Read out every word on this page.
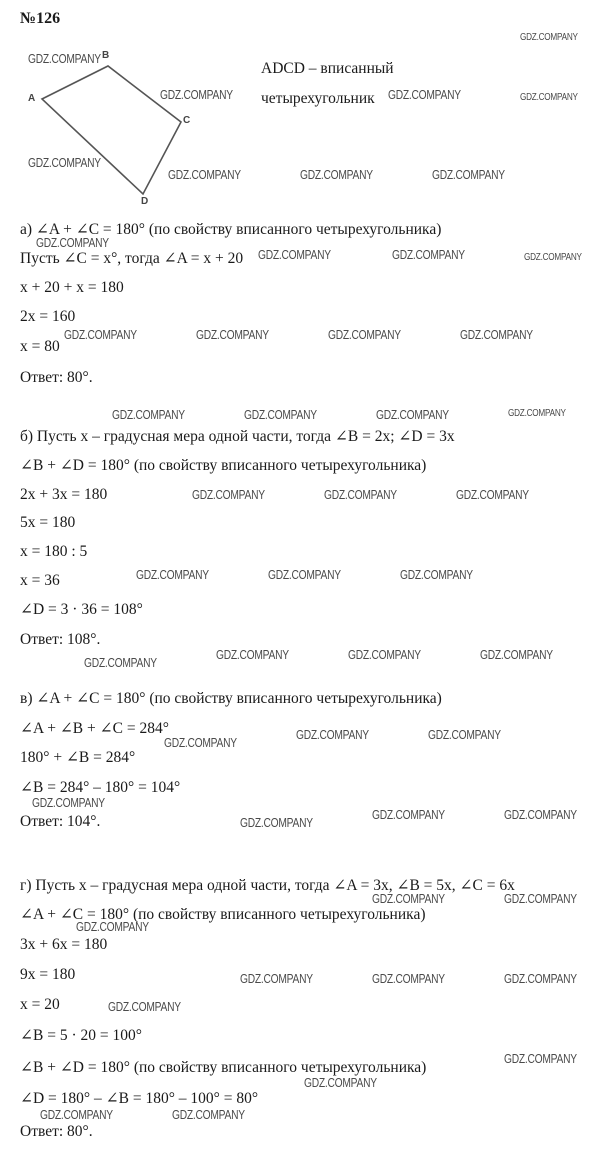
№126
A
B
C
D
ADCD – вписанный
четырехугольник
а) ∠A + ∠C = 180° (по свойству вписанного четырехугольника)
Пусть ∠C = x°, тогда ∠A = x + 20
x + 20 + x = 180
2x = 160
x = 80
Ответ: 80°.
б) Пусть x – градусная мера одной части, тогда ∠B = 2x; ∠D = 3x
∠B + ∠D = 180° (по свойству вписанного четырехугольника)
2x + 3x = 180
5x = 180
x = 180 : 5
x = 36
∠D = 3 · 36 = 108°
Ответ: 108°.
в) ∠A + ∠C = 180° (по свойству вписанного четырехугольника)
∠A + ∠B + ∠C = 284°
180° + ∠B = 284°
∠B = 284° – 180° = 104°
Ответ: 104°.
г) Пусть x – градусная мера одной части, тогда ∠A = 3x, ∠B = 5x, ∠C = 6x
∠A + ∠C = 180° (по свойству вписанного четырехугольника)
3x + 6x = 180
9x = 180
x = 20
∠B = 5 · 20 = 100°
∠B + ∠D = 180° (по свойству вписанного четырехугольника)
∠D = 180° – ∠B = 180° – 100° = 80°
Ответ: 80°.
GDZ.COMPANY
GDZ.COMPANY
GDZ.COMPANY	GDZ.COMPANY	GDZ.COMPANY
GDZ.COMPANY
GDZ.COMPANY	GDZ.COMPANY	GDZ.COMPANY
GDZ.COMPANY
GDZ.COMPANY	GDZ.COMPANY	GDZ.COMPANY
GDZ.COMPANY	GDZ.COMPANY	GDZ.COMPANY	GDZ.COMPANY
GDZ.COMPANY	GDZ.COMPANY	GDZ.COMPANY	GDZ.COMPANY
GDZ.COMPANY	GDZ.COMPANY	GDZ.COMPANY
GDZ.COMPANY	GDZ.COMPANY	GDZ.COMPANY
GDZ.COMPANY
GDZ.COMPANY	GDZ.COMPANY	GDZ.COMPANY
GDZ.COMPANY
GDZ.COMPANY	GDZ.COMPANY
GDZ.COMPANY
GDZ.COMPANY	GDZ.COMPANY
GDZ.COMPANY
GDZ.COMPANY	GDZ.COMPANY
GDZ.COMPANY
GDZ.COMPANY	GDZ.COMPANY	GDZ.COMPANY
GDZ.COMPANY
GDZ.COMPANY
GDZ.COMPANY
GDZ.COMPANY	GDZ.COMPANY
